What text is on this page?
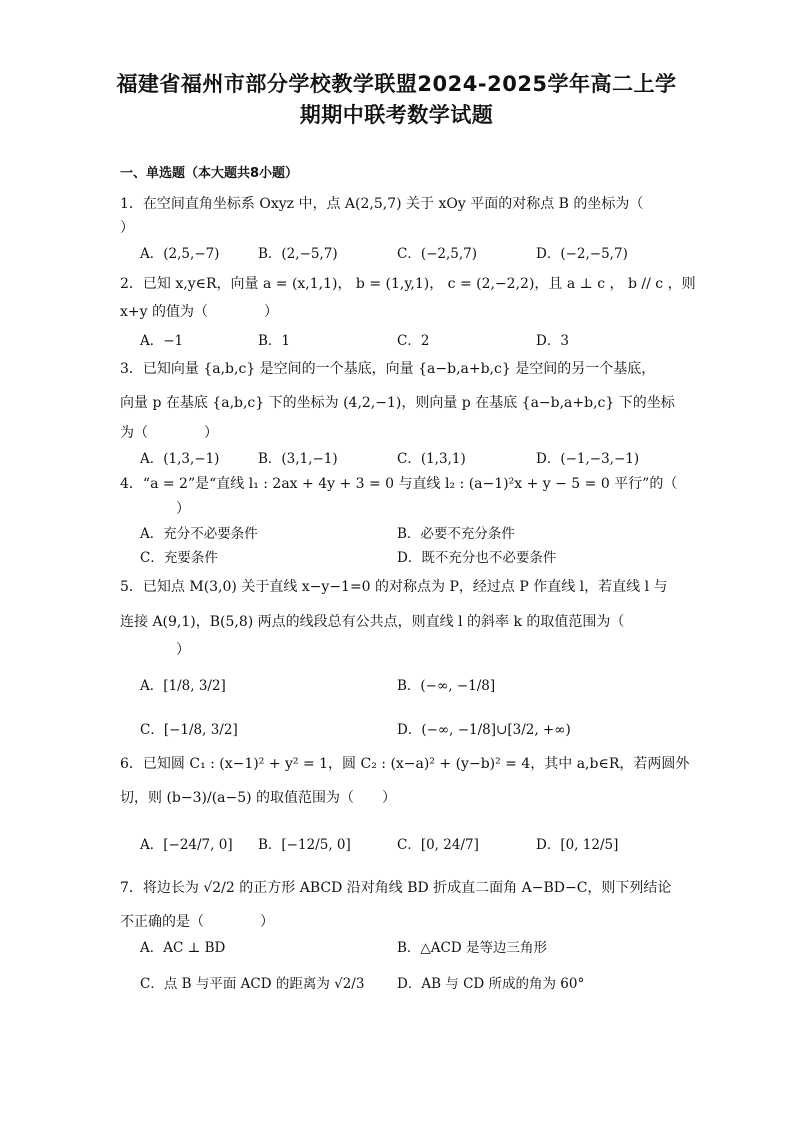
福建省福州市部分学校教学联盟2024-2025学年高二上学
期期中联考数学试题
一、单选题（本大题共8小题）
1．在空间直角坐标系 Oxyz 中，点 A(2,5,7) 关于 xOy 平面的对称点 B 的坐标为（
）
A．(2,5,−7)	B．(2,−5,7)	C．(−2,5,7)	D．(−2,−5,7)
2．已知 x,y∈R，向量 a = (x,1,1)， b = (1,y,1)， c = (2,−2,2)，且 a ⊥ c ， b // c ，则
x+y 的值为（　　　　）
A．−1	B．1	C．2	D．3
3．已知向量 {a,b,c} 是空间的一个基底，向量 {a−b,a+b,c} 是空间的另一个基底，
向量 p 在基底 {a,b,c} 下的坐标为 (4,2,−1)，则向量 p 在基底 {a−b,a+b,c} 下的坐标
为（　　　　）
A．(1,3,−1)	B．(3,1,−1)	C．(1,3,1)	D．(−1,−3,−1)
4．“a = 2”是“直线 l₁ : 2ax + 4y + 3 = 0 与直线 l₂ : (a−1)²x + y − 5 = 0 平行”的（
）
A．充分不必要条件	B．必要不充分条件
C．充要条件	D．既不充分也不必要条件
5．已知点 M(3,0) 关于直线 x−y−1=0 的对称点为 P，经过点 P 作直线 l，若直线 l 与
连接 A(9,1)，B(5,8) 两点的线段总有公共点，则直线 l 的斜率 k 的取值范围为（
）
A．[1/8, 3/2]	B．(−∞, −1/8]
C．[−1/8, 3/2]	D．(−∞, −1/8]∪[3/2, +∞)
6．已知圆 C₁ : (x−1)² + y² = 1，圆 C₂ : (x−a)² + (y−b)² = 4，其中 a,b∈R，若两圆外
切，则 (b−3)/(a−5) 的取值范围为（　　）
A．[−24/7, 0] B．[−12/5, 0]	C．[0, 24/7]	D．[0, 12/5]
7．将边长为 √2/2 的正方形 ABCD 沿对角线 BD 折成直二面角 A−BD−C，则下列结论
不正确的是（　　　　）
A．AC ⊥ BD	B．△ACD 是等边三角形
C．点 B 与平面 ACD 的距离为 √2/3 D．AB 与 CD 所成的角为 60°
